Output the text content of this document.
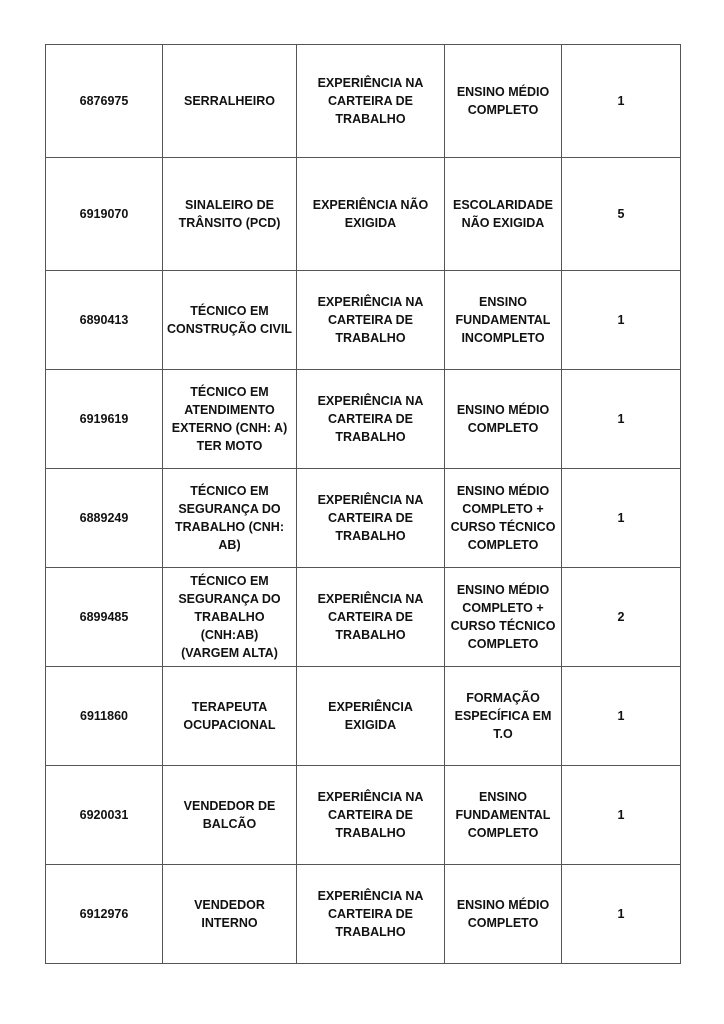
6876975	SERRALHEIRO	EXPERIÊNCIA NA
CARTEIRA DE
TRABALHO	ENSINO MÉDIO
COMPLETO	1

6919070	SINALEIRO DE
TRÂNSITO (PCD)	EXPERIÊNCIA NÃO
EXIGIDA	ESCOLARIDADE
NÃO EXIGIDA	5

6890413	TÉCNICO EM
CONSTRUÇÃO CIVIL	EXPERIÊNCIA NA
CARTEIRA DE
TRABALHO	ENSINO
FUNDAMENTAL
INCOMPLETO	1

6919619	TÉCNICO EM
ATENDIMENTO
EXTERNO (CNH: A)
TER MOTO	EXPERIÊNCIA NA
CARTEIRA DE
TRABALHO	ENSINO MÉDIO
COMPLETO	1

6889249	TÉCNICO EM
SEGURANÇA DO
TRABALHO (CNH: AB)	EXPERIÊNCIA NA
CARTEIRA DE
TRABALHO	ENSINO MÉDIO
COMPLETO +
CURSO TÉCNICO
COMPLETO	1

6899485	TÉCNICO EM
SEGURANÇA DO
TRABALHO (CNH:AB)
(VARGEM ALTA)	EXPERIÊNCIA NA
CARTEIRA DE
TRABALHO	ENSINO MÉDIO
COMPLETO +
CURSO TÉCNICO
COMPLETO	2

6911860	TERAPEUTA
OCUPACIONAL	EXPERIÊNCIA EXIGIDA	FORMAÇÃO
ESPECÍFICA EM T.O	1

6920031	VENDEDOR DE
BALCÃO	EXPERIÊNCIA NA
CARTEIRA DE
TRABALHO	ENSINO
FUNDAMENTAL
COMPLETO	1

6912976	VENDEDOR INTERNO	EXPERIÊNCIA NA
CARTEIRA DE
TRABALHO	ENSINO MÉDIO
COMPLETO	1
